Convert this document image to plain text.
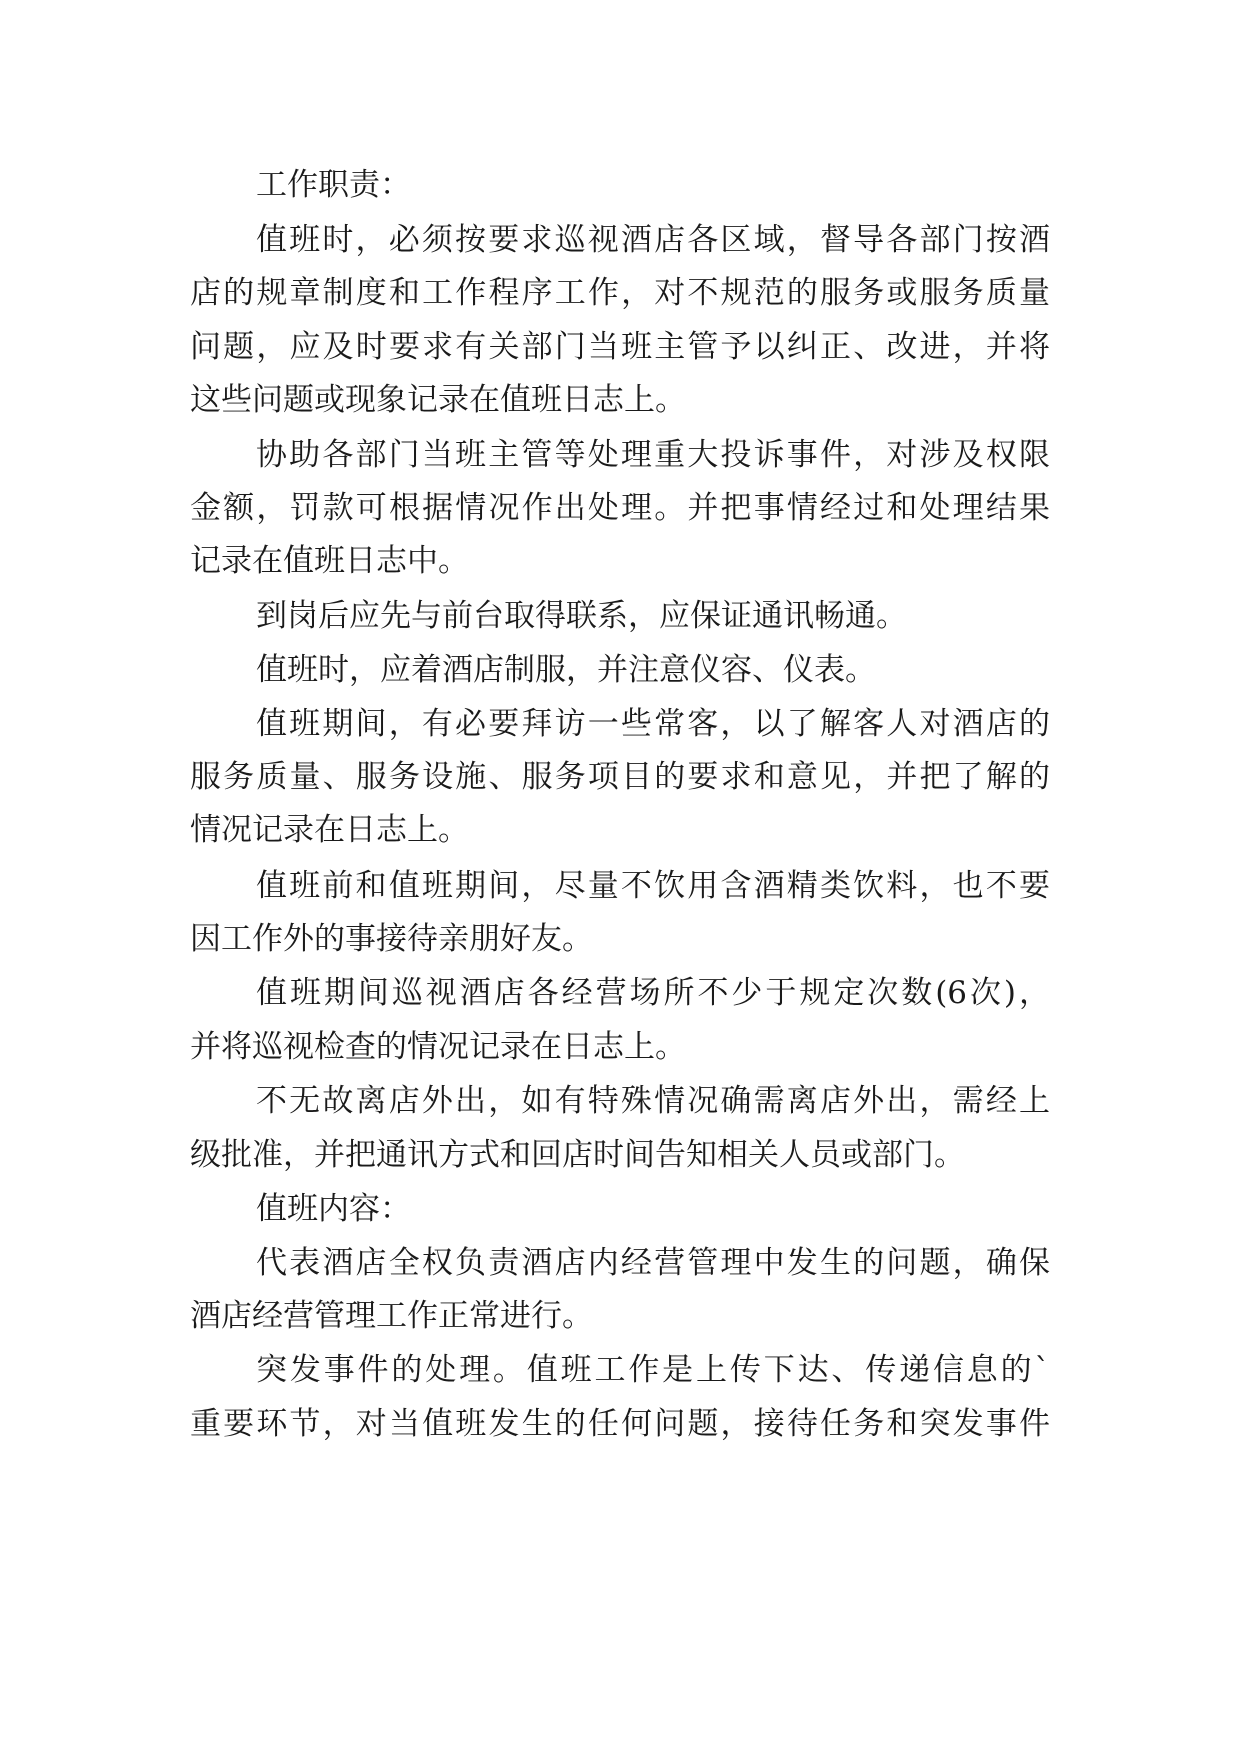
工作职责：

值班时，必须按要求巡视酒店各区域，督导各部门按酒

店的规章制度和工作程序工作，对不规范的服务或服务质量

问题，应及时要求有关部门当班主管予以纠正、改进，并将

这些问题或现象记录在值班日志上。

协助各部门当班主管等处理重大投诉事件，对涉及权限

金额，罚款可根据情况作出处理。并把事情经过和处理结果

记录在值班日志中。

到岗后应先与前台取得联系，应保证通讯畅通。

值班时，应着酒店制服，并注意仪容、仪表。

值班期间，有必要拜访一些常客，以了解客人对酒店的

服务质量、服务设施、服务项目的要求和意见，并把了解的

情况记录在日志上。

值班前和值班期间，尽量不饮用含酒精类饮料，也不要

因工作外的事接待亲朋好友。

值班期间巡视酒店各经营场所不少于规定次数(6次)，

并将巡视检查的情况记录在日志上。

不无故离店外出，如有特殊情况确需离店外出，需经上

级批准，并把通讯方式和回店时间告知相关人员或部门。

值班内容：

代表酒店全权负责酒店内经营管理中发生的问题，确保

酒店经营管理工作正常进行。

突发事件的处理。值班工作是上传下达、传递信息的`

重要环节，对当值班发生的任何问题，接待任务和突发事件
